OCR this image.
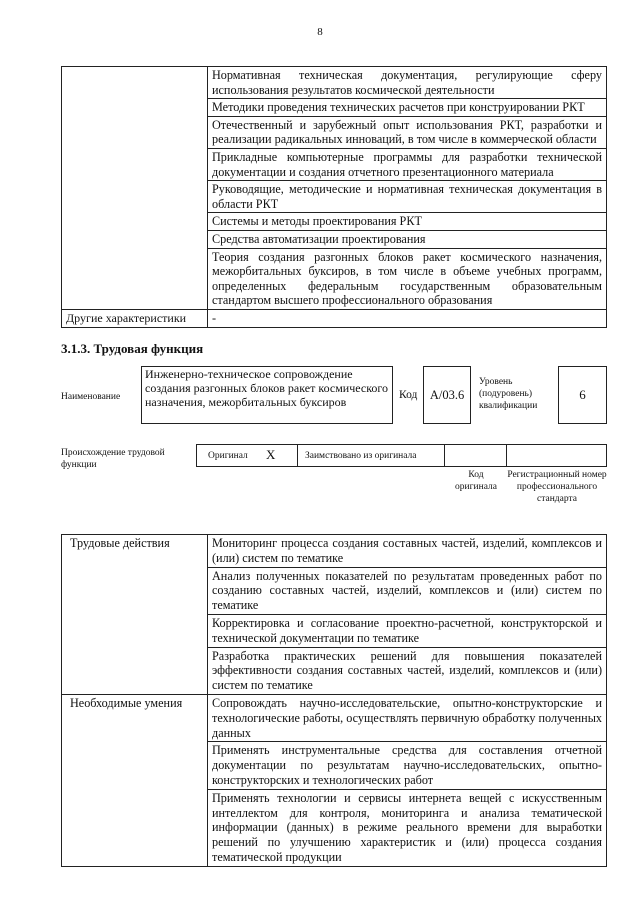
8
	Нормативная техническая документация, регулирующие сферу использования результатов космической деятельности
	Методики проведения технических расчетов при конструировании РКТ
	Отечественный и зарубежный опыт использования РКТ, разработки и реализации радикальных инноваций, в том числе в коммерческой области
	Прикладные компьютерные программы для разработки технической документации и создания отчетного презентационного материала
	Руководящие, методические и нормативная техническая документация в области РКТ
	Системы и методы проектирования РКТ
	Средства автоматизации проектирования
	Теория создания разгонных блоков ракет космического назначения, межорбитальных буксиров, в том числе в объеме учебных программ, определенных федеральным государственным образовательным стандартом высшего профессионального образования
Другие характеристики	-
3.1.3. Трудовая функция
Наименование
Инженерно-техническое сопровождение создания разгонных блоков ракет космического назначения, межорбитальных буксиров	Код A/03.6
Уровень (подуровень) квалификации
6
Происхождение трудовой функции
Оригинал X	Заимствовано из оригинала
Код оригинала
Регистрационный номер профессионального стандарта
Трудовые действия	Мониторинг процесса создания составных частей, изделий, комплексов и (или) систем по тематике
	Анализ полученных показателей по результатам проведенных работ по созданию составных частей, изделий, комплексов и (или) систем по тематике
	Корректировка и согласование проектно-расчетной, конструкторской и технической документации по тематике
	Разработка практических решений для повышения показателей эффективности создания составных частей, изделий, комплексов и (или) систем по тематике
Необходимые умения	Сопровождать научно-исследовательские, опытно-конструкторские и технологические работы, осуществлять первичную обработку полученных данных
	Применять инструментальные средства для составления отчетной документации по результатам научно-исследовательских, опытно-конструкторских и технологических работ
	Применять технологии и сервисы интернета вещей с искусственным интеллектом для контроля, мониторинга и анализа тематической информации (данных) в режиме реального времени для выработки решений по улучшению характеристик и (или) процесса создания тематической продукции
